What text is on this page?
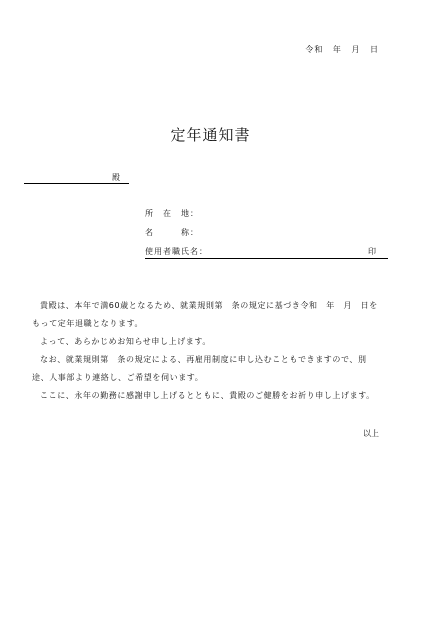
令和 年 月 日
定年通知書
殿
所　在　地：
名　　　称：
使用者職氏名：	印

貴殿は、本年で満60歳となるため、就業規則第　条の規定に基づき令和　年　月　日をもって定年退職となります。

よって、あらかじめお知らせ申し上げます。

なお、就業規則第　条の規定による、再雇用制度に申し込むこともできますので、別途、人事部より連絡し、ご希望を伺います。

ここに、永年の勤務に感謝申し上げるとともに、貴殿のご健勝をお祈り申し上げます。

以上
